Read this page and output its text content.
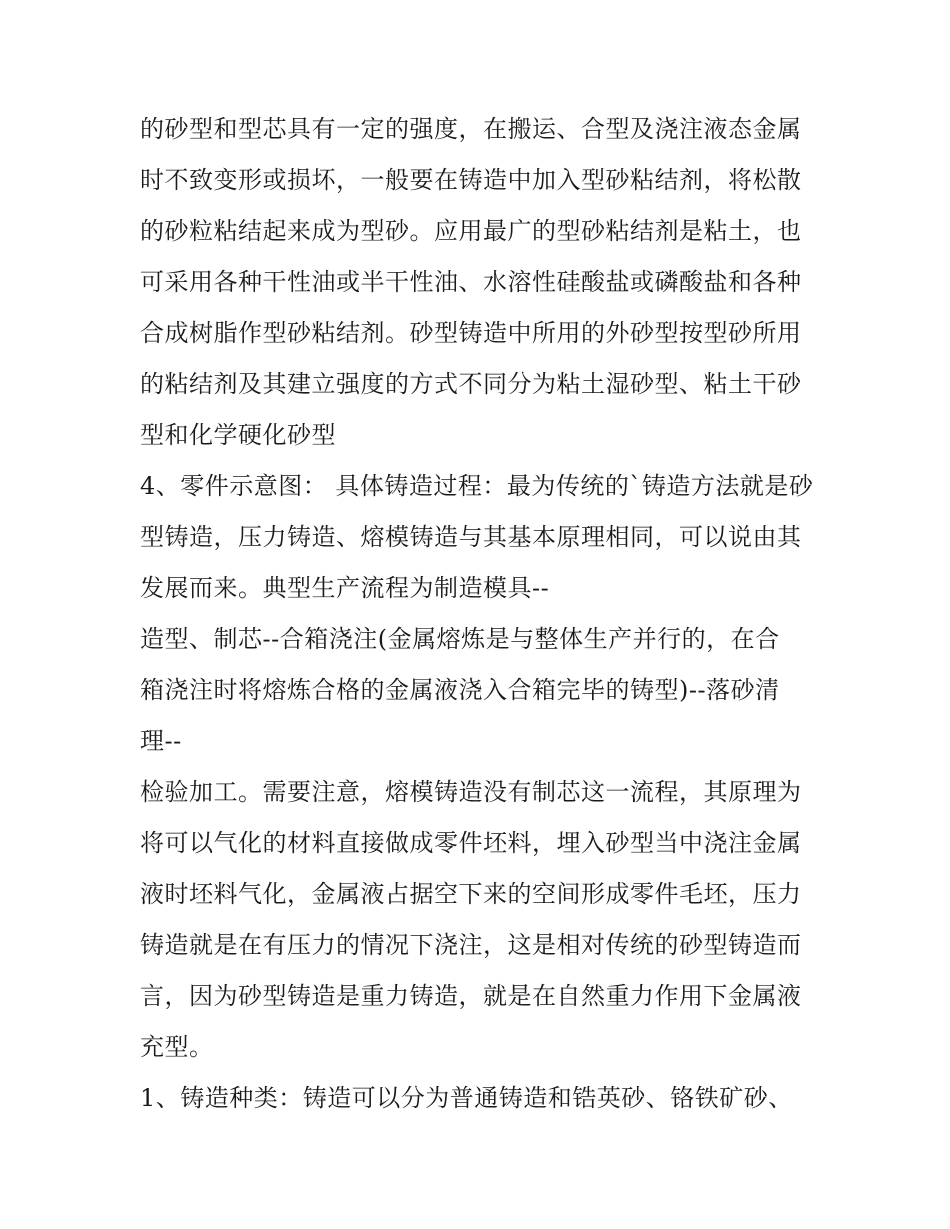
的砂型和型芯具有一定的强度，在搬运、合型及浇注液态金属
时不致变形或损坏，一般要在铸造中加入型砂粘结剂，将松散
的砂粒粘结起来成为型砂。应用最广的型砂粘结剂是粘土，也
可采用各种干性油或半干性油、水溶性硅酸盐或磷酸盐和各种
合成树脂作型砂粘结剂。砂型铸造中所用的外砂型按型砂所用
的粘结剂及其建立强度的方式不同分为粘土湿砂型、粘土干砂
型和化学硬化砂型
4、零件示意图： 具体铸造过程：最为传统的`铸造方法就是砂
型铸造，压力铸造、熔模铸造与其基本原理相同，可以说由其
发展而来。典型生产流程为制造模具--
造型、制芯--合箱浇注(金属熔炼是与整体生产并行的，在合
箱浇注时将熔炼合格的金属液浇入合箱完毕的铸型)--落砂清
理--
检验加工。需要注意，熔模铸造没有制芯这一流程，其原理为
将可以气化的材料直接做成零件坯料，埋入砂型当中浇注金属
液时坯料气化，金属液占据空下来的空间形成零件毛坯，压力
铸造就是在有压力的情况下浇注，这是相对传统的砂型铸造而
言，因为砂型铸造是重力铸造，就是在自然重力作用下金属液
充型。
1、铸造种类：铸造可以分为普通铸造和锆英砂、铬铁矿砂、
